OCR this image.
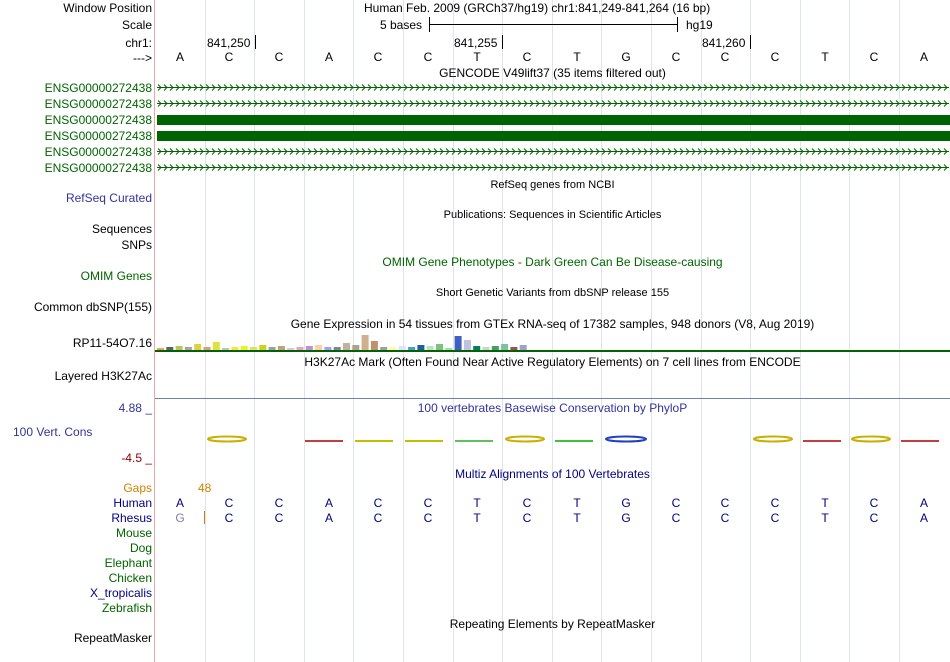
Window Position
Scale
chr1:
--->
Human Feb. 2009 (GRCh37/hg19) chr1:841,249-841,264 (16 bp)
5 bases	hg19
841,250	841,255	841,260
A	C	C	A	C	C	T	C	T	G	C	C	C	T	C	A
GENCODE V49lift37 (35 items filtered out)
ENSG00000272438
ENSG00000272438
ENSG00000272438
ENSG00000272438
ENSG00000272438
ENSG00000272438
RefSeq genes from NCBI
RefSeq Curated
Publications: Sequences in Scientific Articles
Sequences
SNPs
OMIM Gene Phenotypes - Dark Green Can Be Disease-causing
OMIM Genes
Short Genetic Variants from dbSNP release 155
Common dbSNP(155)
Gene Expression in 54 tissues from GTEx RNA-seq of 17382 samples, 948 donors (V8, Aug 2019)
RP11-54O7.16
H3K27Ac Mark (Often Found Near Active Regulatory Elements) on 7 cell lines from ENCODE
Layered H3K27Ac
4.88 _	100 vertebrates Basewise Conservation by PhyloP
100 Vert. Cons
-4.5 _
Multiz Alignments of 100 Vertebrates
Gaps	48
Human	A	C	C	A	C	C	T	C	T	G	C	C	C	T	C	A
Rhesus	G	C	C	A	C	C	T	C	T	G	C	C	C	T	C	A
Mouse
Dog
Elephant
Chicken
X_tropicalis
Zebrafish
Repeating Elements by RepeatMasker
RepeatMasker
